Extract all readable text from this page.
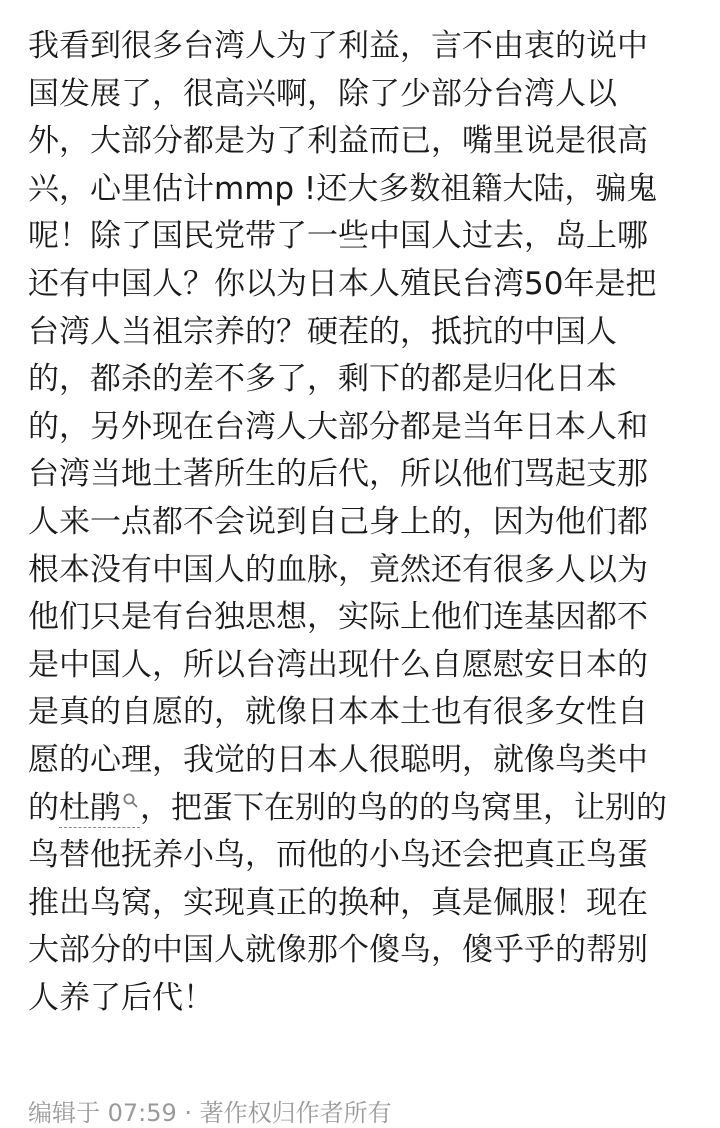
我看到很多台湾人为了利益，言不由衷的说中
国发展了，很高兴啊，除了少部分台湾人以
外，大部分都是为了利益而已，嘴里说是很高
兴，心里估计mmp !还大多数祖籍大陆，骗鬼
呢！除了国民党带了一些中国人过去，岛上哪
还有中国人？你以为日本人殖民台湾50年是把
台湾人当祖宗养的？硬茬的，抵抗的中国人
的，都杀的差不多了，剩下的都是归化日本
的，另外现在台湾人大部分都是当年日本人和
台湾当地土著所生的后代，所以他们骂起支那
人来一点都不会说到自己身上的，因为他们都
根本没有中国人的血脉，竟然还有很多人以为
他们只是有台独思想，实际上他们连基因都不
是中国人，所以台湾出现什么自愿慰安日本的
是真的自愿的，就像日本本土也有很多女性自
愿的心理，我觉的日本人很聪明，就像鸟类中
的杜鹃 ，把蛋下在别的鸟的的鸟窝里，让别的
鸟替他抚养小鸟，而他的小鸟还会把真正鸟蛋
推出鸟窝，实现真正的换种，真是佩服！现在
大部分的中国人就像那个傻鸟，傻乎乎的帮别
人养了后代！
编辑于 07:59 · 著作权归作者所有
